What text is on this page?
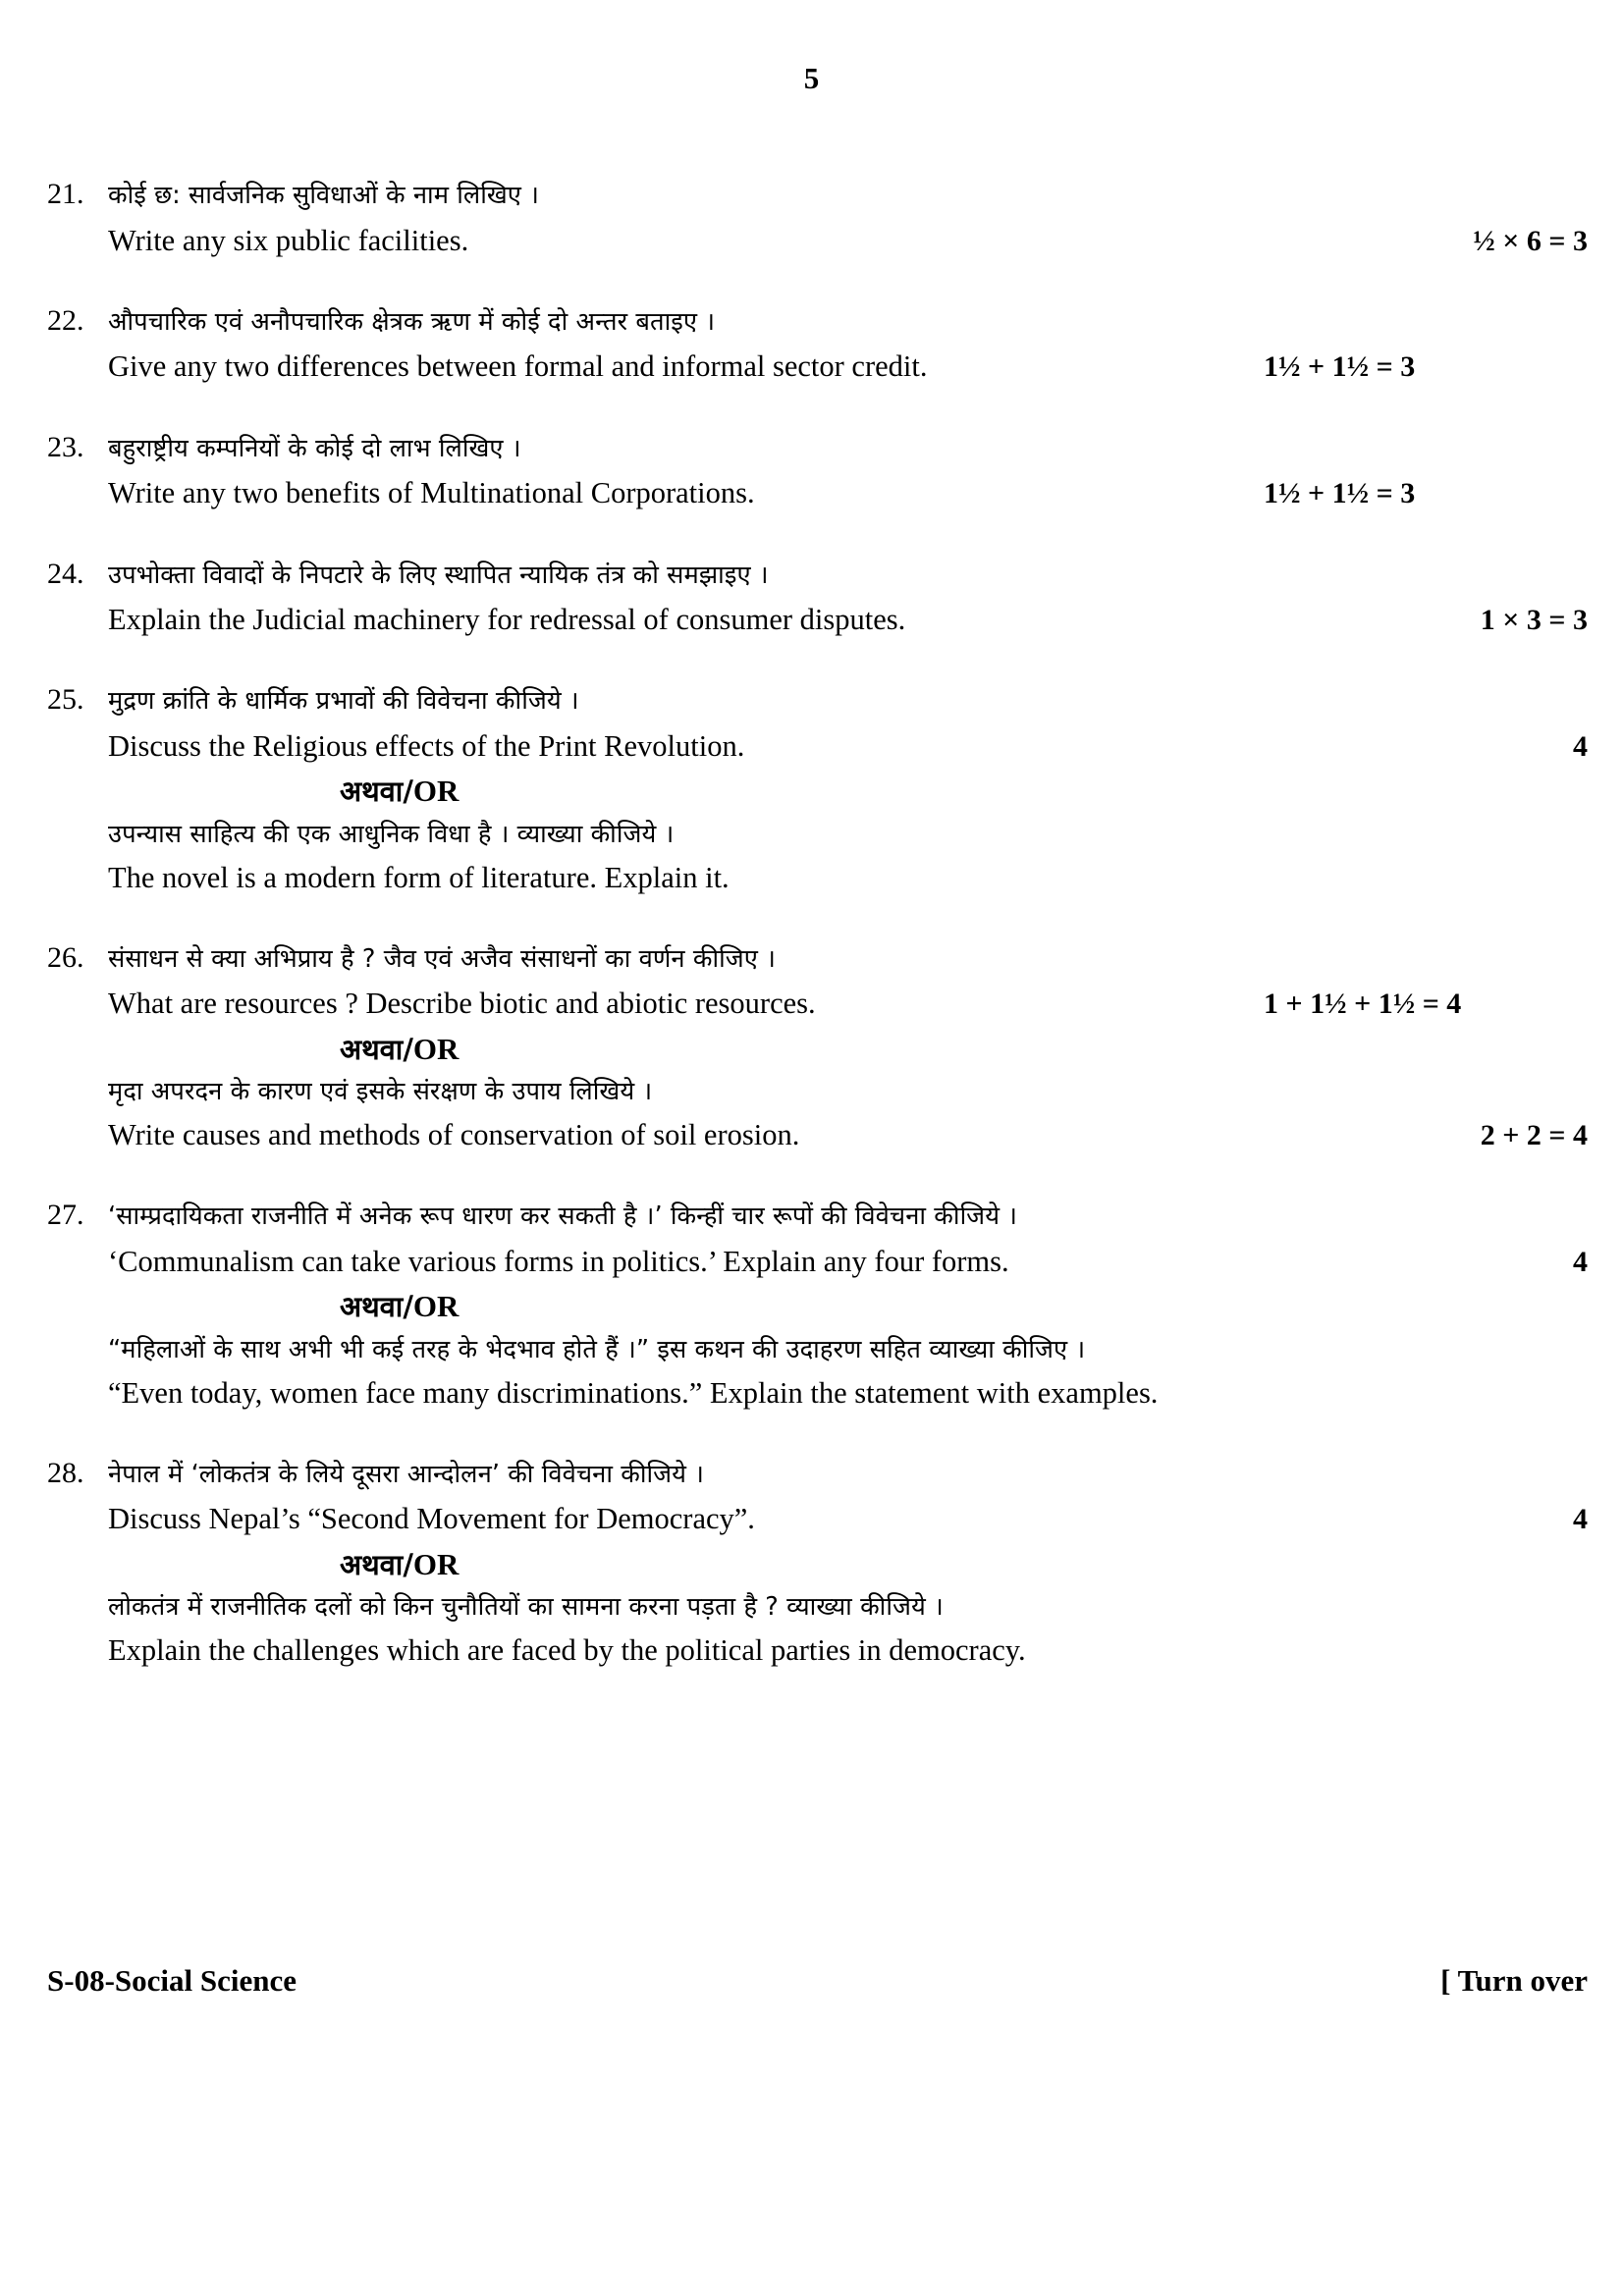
5
21. कोई छ: सार्वजनिक सुविधाओं के नाम लिखिए ।
Write any six public facilities.	½ × 6 = 3
22. औपचारिक एवं अनौपचारिक क्षेत्रक ऋण में कोई दो अन्तर बताइए ।
Give any two differences between formal and informal sector credit.	1½ + 1½ = 3
23. बहुराष्ट्रीय कम्पनियों के कोई दो लाभ लिखिए ।
Write any two benefits of Multinational Corporations.	1½ + 1½ = 3
24. उपभोक्ता विवादों के निपटारे के लिए स्थापित न्यायिक तंत्र को समझाइए ।
Explain the Judicial machinery for redressal of consumer disputes.	1 × 3 = 3
25. मुद्रण क्रांति के धार्मिक प्रभावों की विवेचना कीजिये ।
Discuss the Religious effects of the Print Revolution.	4
अथवा/OR
उपन्यास साहित्य की एक आधुनिक विधा है । व्याख्या कीजिये ।
The novel is a modern form of literature. Explain it.
26. संसाधन से क्या अभिप्राय है ? जैव एवं अजैव संसाधनों का वर्णन कीजिए ।
What are resources ? Describe biotic and abiotic resources.	1 + 1½ + 1½ = 4
अथवा/OR
मृदा अपरदन के कारण एवं इसके संरक्षण के उपाय लिखिये ।
Write causes and methods of conservation of soil erosion.	2 + 2 = 4
27. ‘साम्प्रदायिकता राजनीति में अनेक रूप धारण कर सकती है ।’ किन्हीं चार रूपों की विवेचना कीजिये ।
‘Communalism can take various forms in politics.’ Explain any four forms.	4
अथवा/OR
“महिलाओं के साथ अभी भी कई तरह के भेदभाव होते हैं ।” इस कथन की उदाहरण सहित व्याख्या कीजिए ।
“Even today, women face many discriminations.” Explain the statement with examples.
28. नेपाल में ‘लोकतंत्र के लिये दूसरा आन्दोलन’ की विवेचना कीजिये ।
Discuss Nepal’s “Second Movement for Democracy”.	4
अथवा/OR
लोकतंत्र में राजनीतिक दलों को किन चुनौतियों का सामना करना पड़ता है ? व्याख्या कीजिये ।
Explain the challenges which are faced by the political parties in democracy.
S-08-Social Science	[ Turn over
